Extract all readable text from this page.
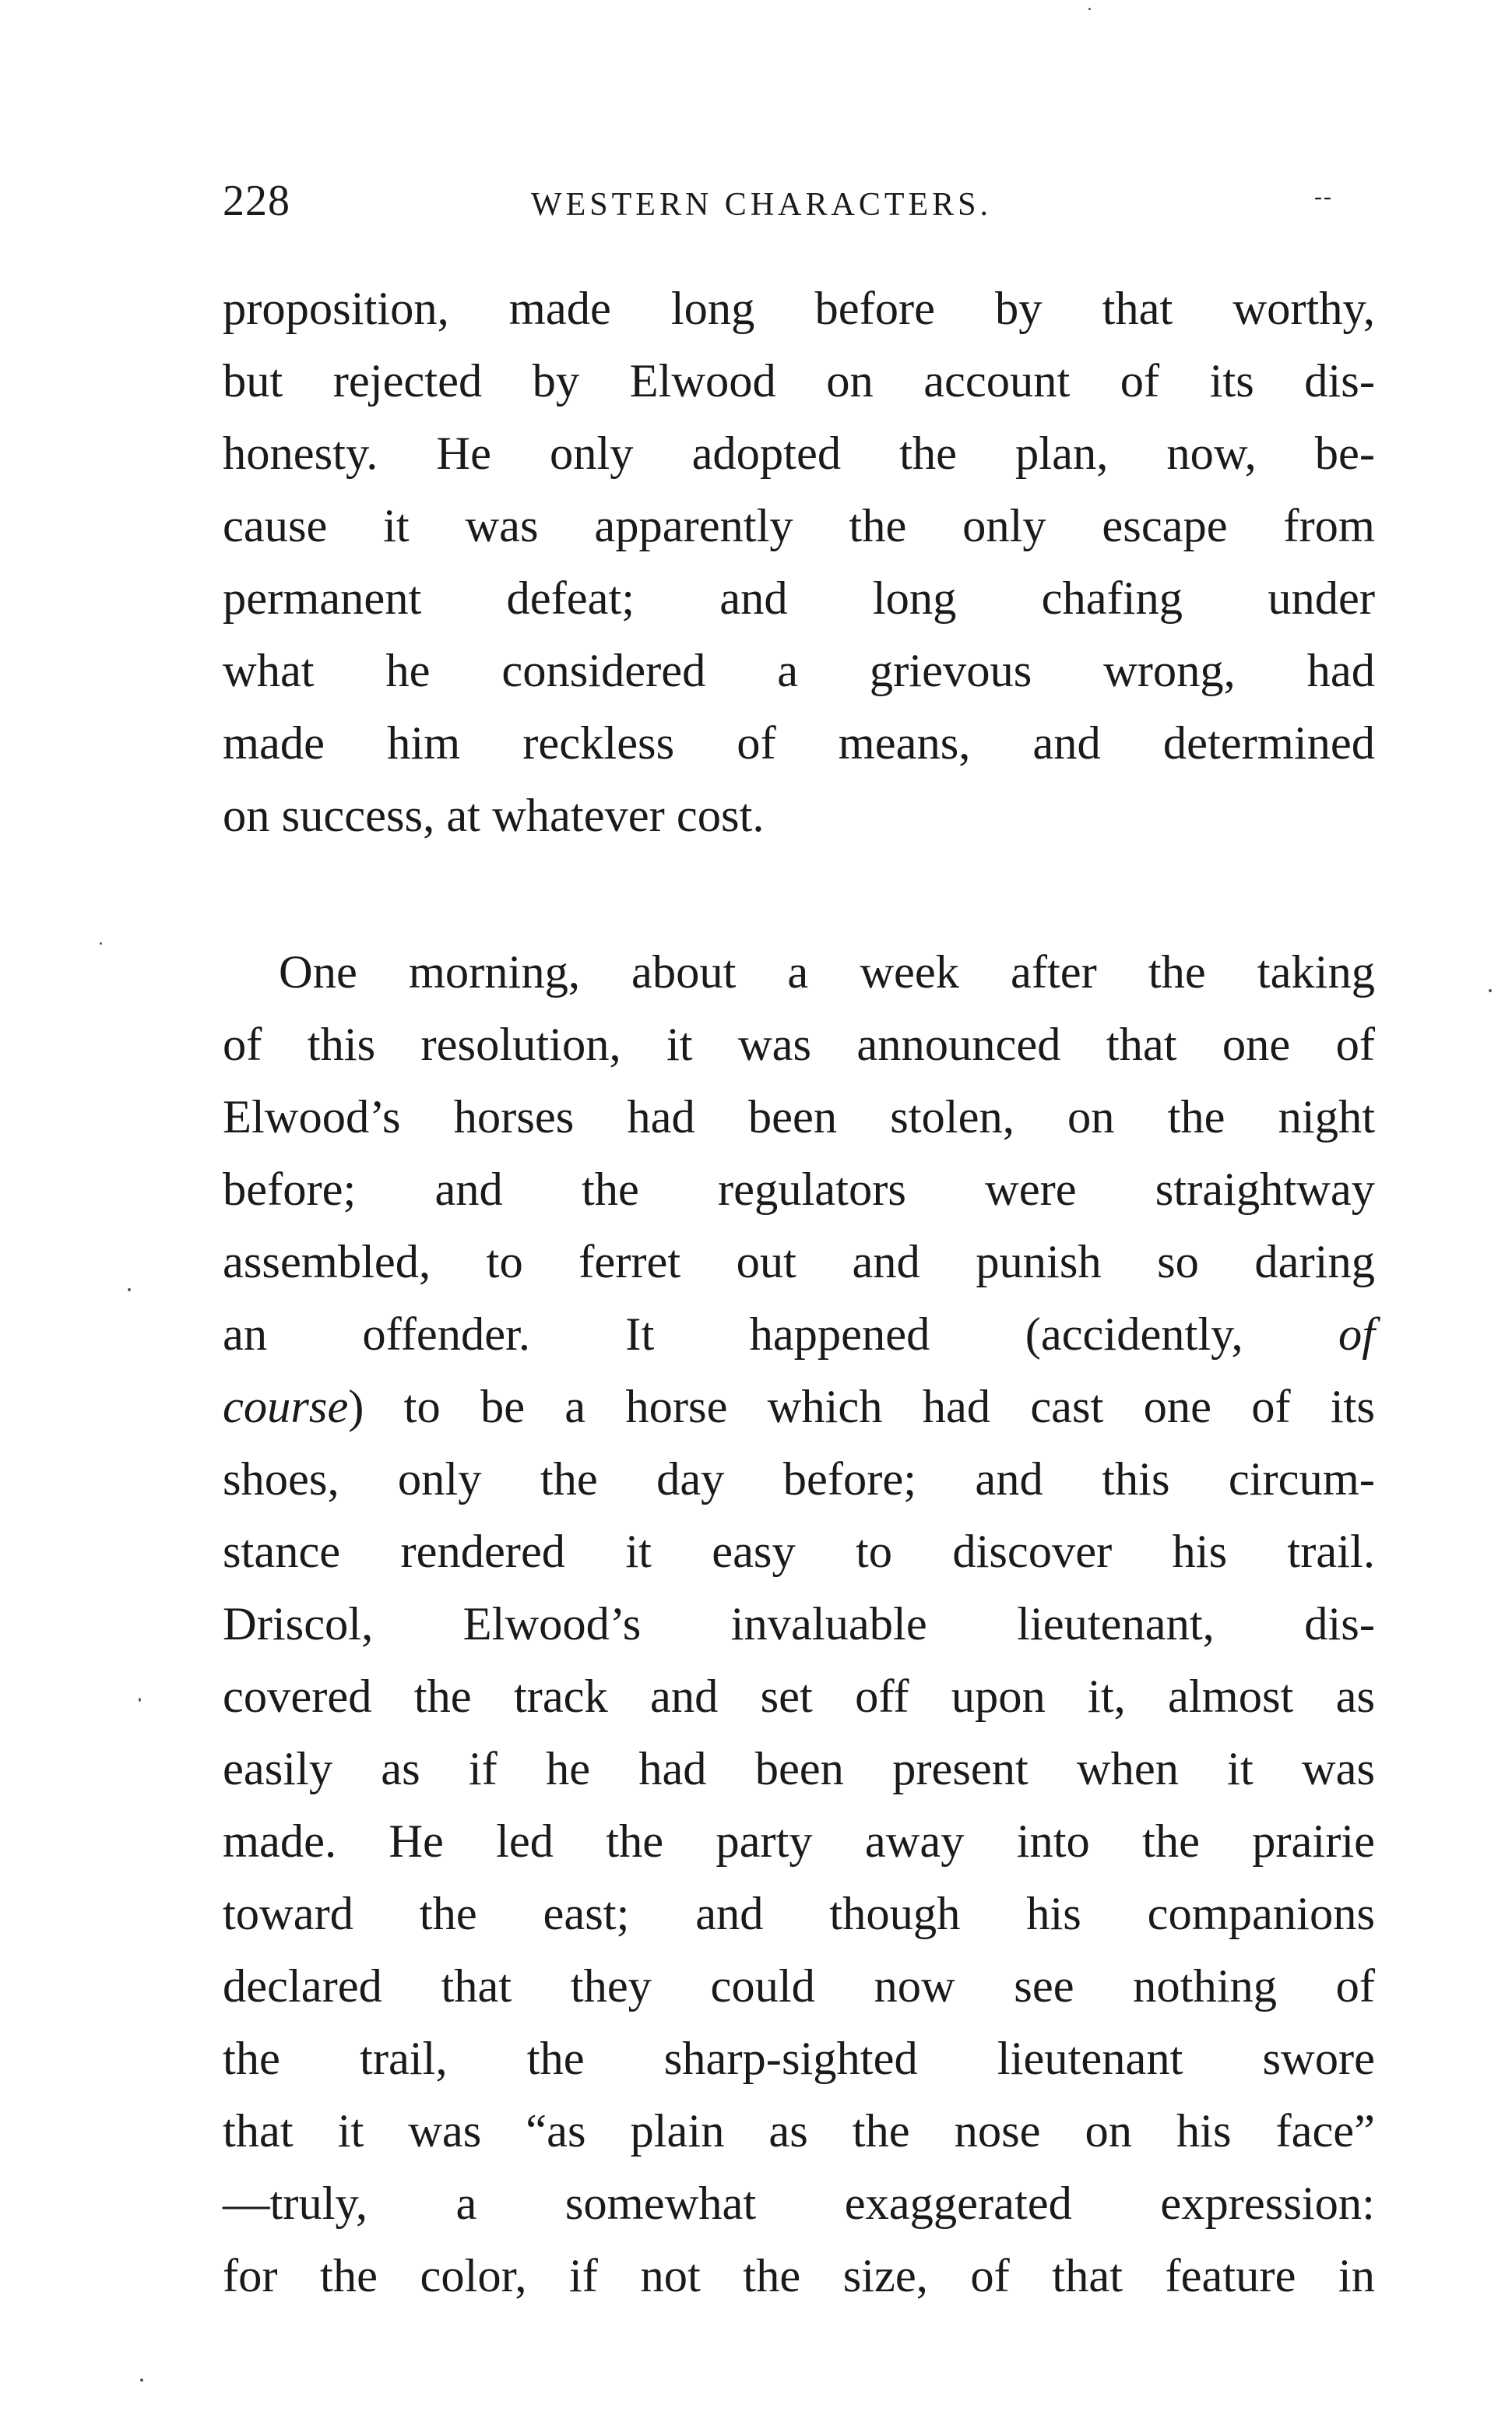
228	WESTERN CHARACTERS.	--

proposition, made long before by that worthy,
but rejected by Elwood on account of its dis-
honesty. He only adopted the plan, now, be-
cause it was apparently the only escape from
permanent defeat; and long chafing under
what he considered a grievous wrong, had
made him reckless of means, and determined
on success, at whatever cost.

One morning, about a week after the taking
of this resolution, it was announced that one of
Elwood’s horses had been stolen, on the night
before; and the regulators were straightway
assembled, to ferret out and punish so daring
an offender. It happened (accidently, of
course) to be a horse which had cast one of its
shoes, only the day before; and this circum-
stance rendered it easy to discover his trail.
Driscol, Elwood’s invaluable lieutenant, dis-
covered the track and set off upon it, almost as
easily as if he had been present when it was
made. He led the party away into the prairie
toward the east; and though his companions
declared that they could now see nothing of
the trail, the sharp-sighted lieutenant swore
that it was “as plain as the nose on his face”
—truly, a somewhat exaggerated expression:
for the color, if not the size, of that feature in
